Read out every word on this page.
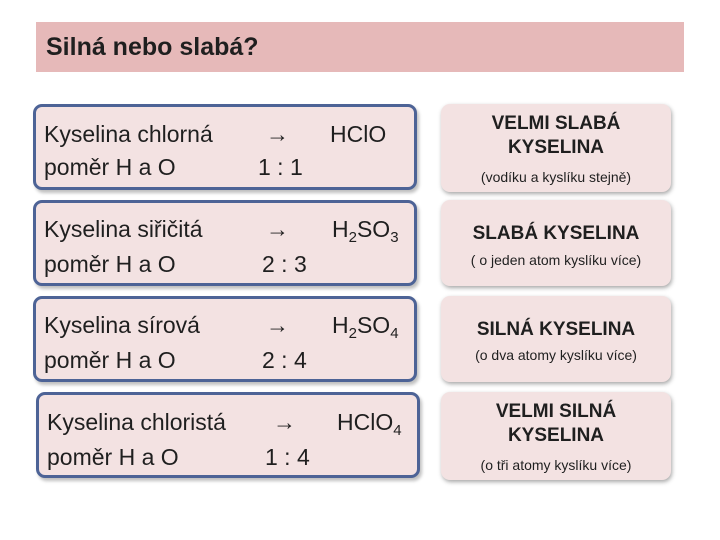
Silná nebo slabá?
Kyselina chlorná → HClO
poměr H a O	1 : 1
VELMI SLABÁ KYSELINA
(vodíku a kyslíku stejně)
Kyselina siřičitá	→ $H_2SO_3$
poměr H a O	2 : 3
SLABÁ KYSELINA
( o jeden atom kyslíku více)
Kyselina sírová	→ $H_2SO_4$
poměr H a O	2 : 4
SILNÁ KYSELINA
(o dva atomy kyslíku více)
Kyselina chloristá → HClO$_4$
poměr H a O	1 : 4
VELMI SILNÁ KYSELINA
(o tři atomy kyslíku více)
